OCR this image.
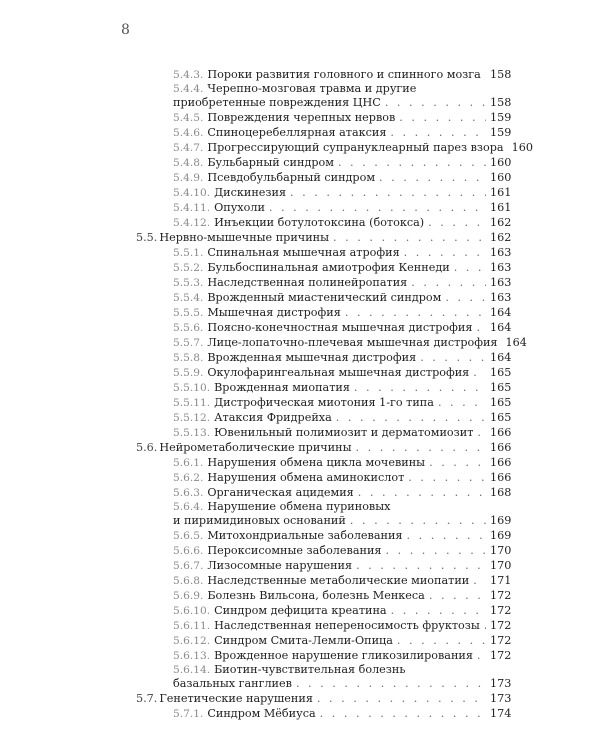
8
5.4.3. Пороки развития головного и спинного мозга . . . 158
5.4.4. Черепно-мозговая травма и другие
приобретенные повреждения ЦНС . . .	158
5.4.5. Повреждения черепных нервов . . .	159
5.4.6. Спиноцеребеллярная атаксия . . .	159
5.4.7. Прогрессирующий супрануклеарный парез взора 160
5.4.8. Бульбарный синдром . . .	160
5.4.9. Псевдобульбарный синдром . . .	160
5.4.10. Дискинезия . . .	161
5.4.11. Опухоли . . .	161
5.4.12. Инъекции ботулотоксина (ботокса) . . .	162
5.5. Нервно-мышечные причины . . .	162
5.5.1. Спинальная мышечная атрофия . . .	163
5.5.2. Бульбоспинальная амиотрофия Кеннеди . . .	163
5.5.3. Наследственная полинейропатия . . .	163
5.5.4. Врожденный миастенический синдром . . .	163
5.5.5. Мышечная дистрофия . . .	164
5.5.6. Поясно-конечностная мышечная дистрофия . . . 164
5.5.7. Лице-лопаточно-плечевая мышечная дистрофия 164
5.5.8. Врожденная мышечная дистрофия . . .	164
5.5.9. Окулофарингеальная мышечная дистрофия . . . 165
5.5.10. Врожденная миопатия . . .	165
5.5.11. Дистрофическая миотония 1-го типа . . .	165
5.5.12. Атаксия Фридрейха . . .	165
5.5.13. Ювенильный полимиозит и дерматомиозит . . . 166
5.6. Нейрометаболические причины . . .	166
5.6.1. Нарушения обмена цикла мочевины . . .	166
5.6.2. Нарушения обмена аминокислот . . .	166
5.6.3. Органическая ацидемия . . .	168
5.6.4. Нарушение обмена пуриновых
и пиримидиновых оснований . . .	169
5.6.5. Митохондриальные заболевания . . .	169
5.6.6. Пероксисомные заболевания . . .	170
5.6.7. Лизосомные нарушения . . .	170
5.6.8. Наследственные метаболические миопатии . . . 171
5.6.9. Болезнь Вильсона, болезнь Менкеса . . .	172
5.6.10. Синдром дефицита креатина . . .	172
5.6.11. Наследственная непереносимость фруктозы . . . 172
5.6.12. Синдром Смита-Лемли-Опица . . .	172
5.6.13. Врожденное нарушение гликозилирования . . . 172
5.6.14. Биотин-чувствительная болезнь
базальных ганглиев . . .	173
5.7. Генетические нарушения . . .	173
5.7.1. Синдром Мёбиуса . . .	174
